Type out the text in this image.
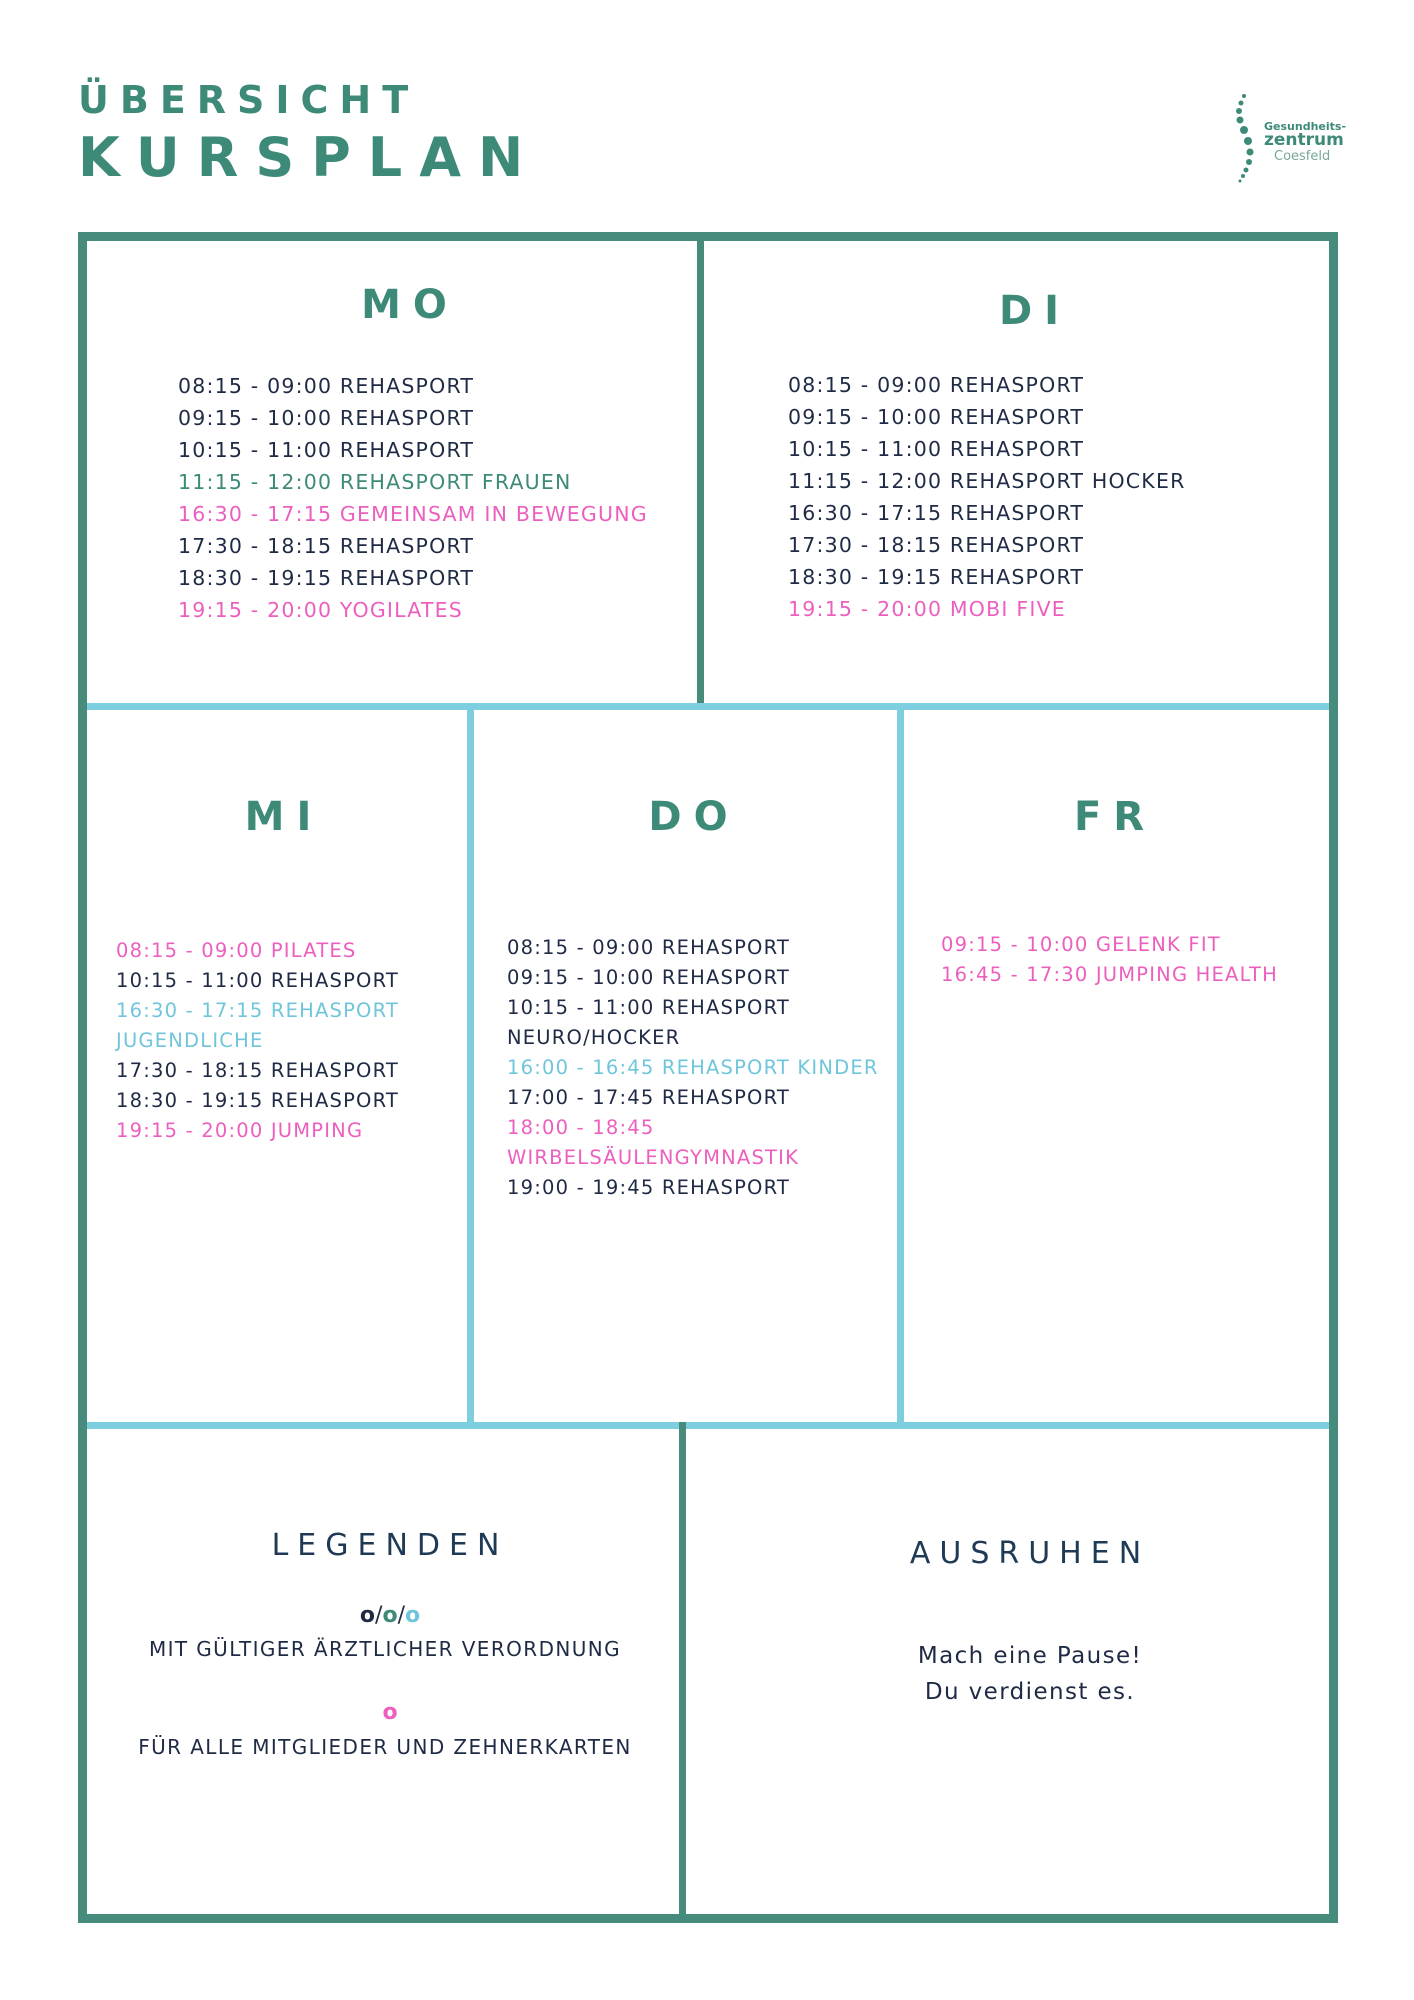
ÜBERSICHT
KURSPLAN	Gesundheits-
zentrum
Coesfeld
MO
08:15 - 09:00 REHASPORT
09:15 - 10:00 REHASPORT
10:15 - 11:00 REHASPORT
11:15 - 12:00 REHASPORT FRAUEN
16:30 - 17:15 GEMEINSAM IN BEWEGUNG
17:30 - 18:15 REHASPORT
18:30 - 19:15 REHASPORT
19:15 - 20:00 YOGILATES
DI
08:15 - 09:00 REHASPORT
09:15 - 10:00 REHASPORT
10:15 - 11:00 REHASPORT
11:15 - 12:00 REHASPORT HOCKER
16:30 - 17:15 REHASPORT
17:30 - 18:15 REHASPORT
18:30 - 19:15 REHASPORT
19:15 - 20:00 MOBI FIVE
MI
08:15 - 09:00 PILATES
10:15 - 11:00 REHASPORT
16:30 - 17:15 REHASPORT
JUGENDLICHE
17:30 - 18:15 REHASPORT
18:30 - 19:15 REHASPORT
19:15 - 20:00 JUMPING
DO
08:15 - 09:00 REHASPORT
09:15 - 10:00 REHASPORT
10:15 - 11:00 REHASPORT
NEURO/HOCKER
16:00 - 16:45 REHASPORT KINDER
17:00 - 17:45 REHASPORT
18:00 - 18:45
WIRBELSÄULENGYMNASTIK
19:00 - 19:45 REHASPORT
FR
09:15 - 10:00 GELENK FIT
16:45 - 17:30 JUMPING HEALTH
LEGENDEN
o/o/o
MIT GÜLTIGER ÄRZTLICHER VERORDNUNG
o
FÜR ALLE MITGLIEDER UND ZEHNERKARTEN
AUSRUHEN
Mach eine Pause!
Du verdienst es.
